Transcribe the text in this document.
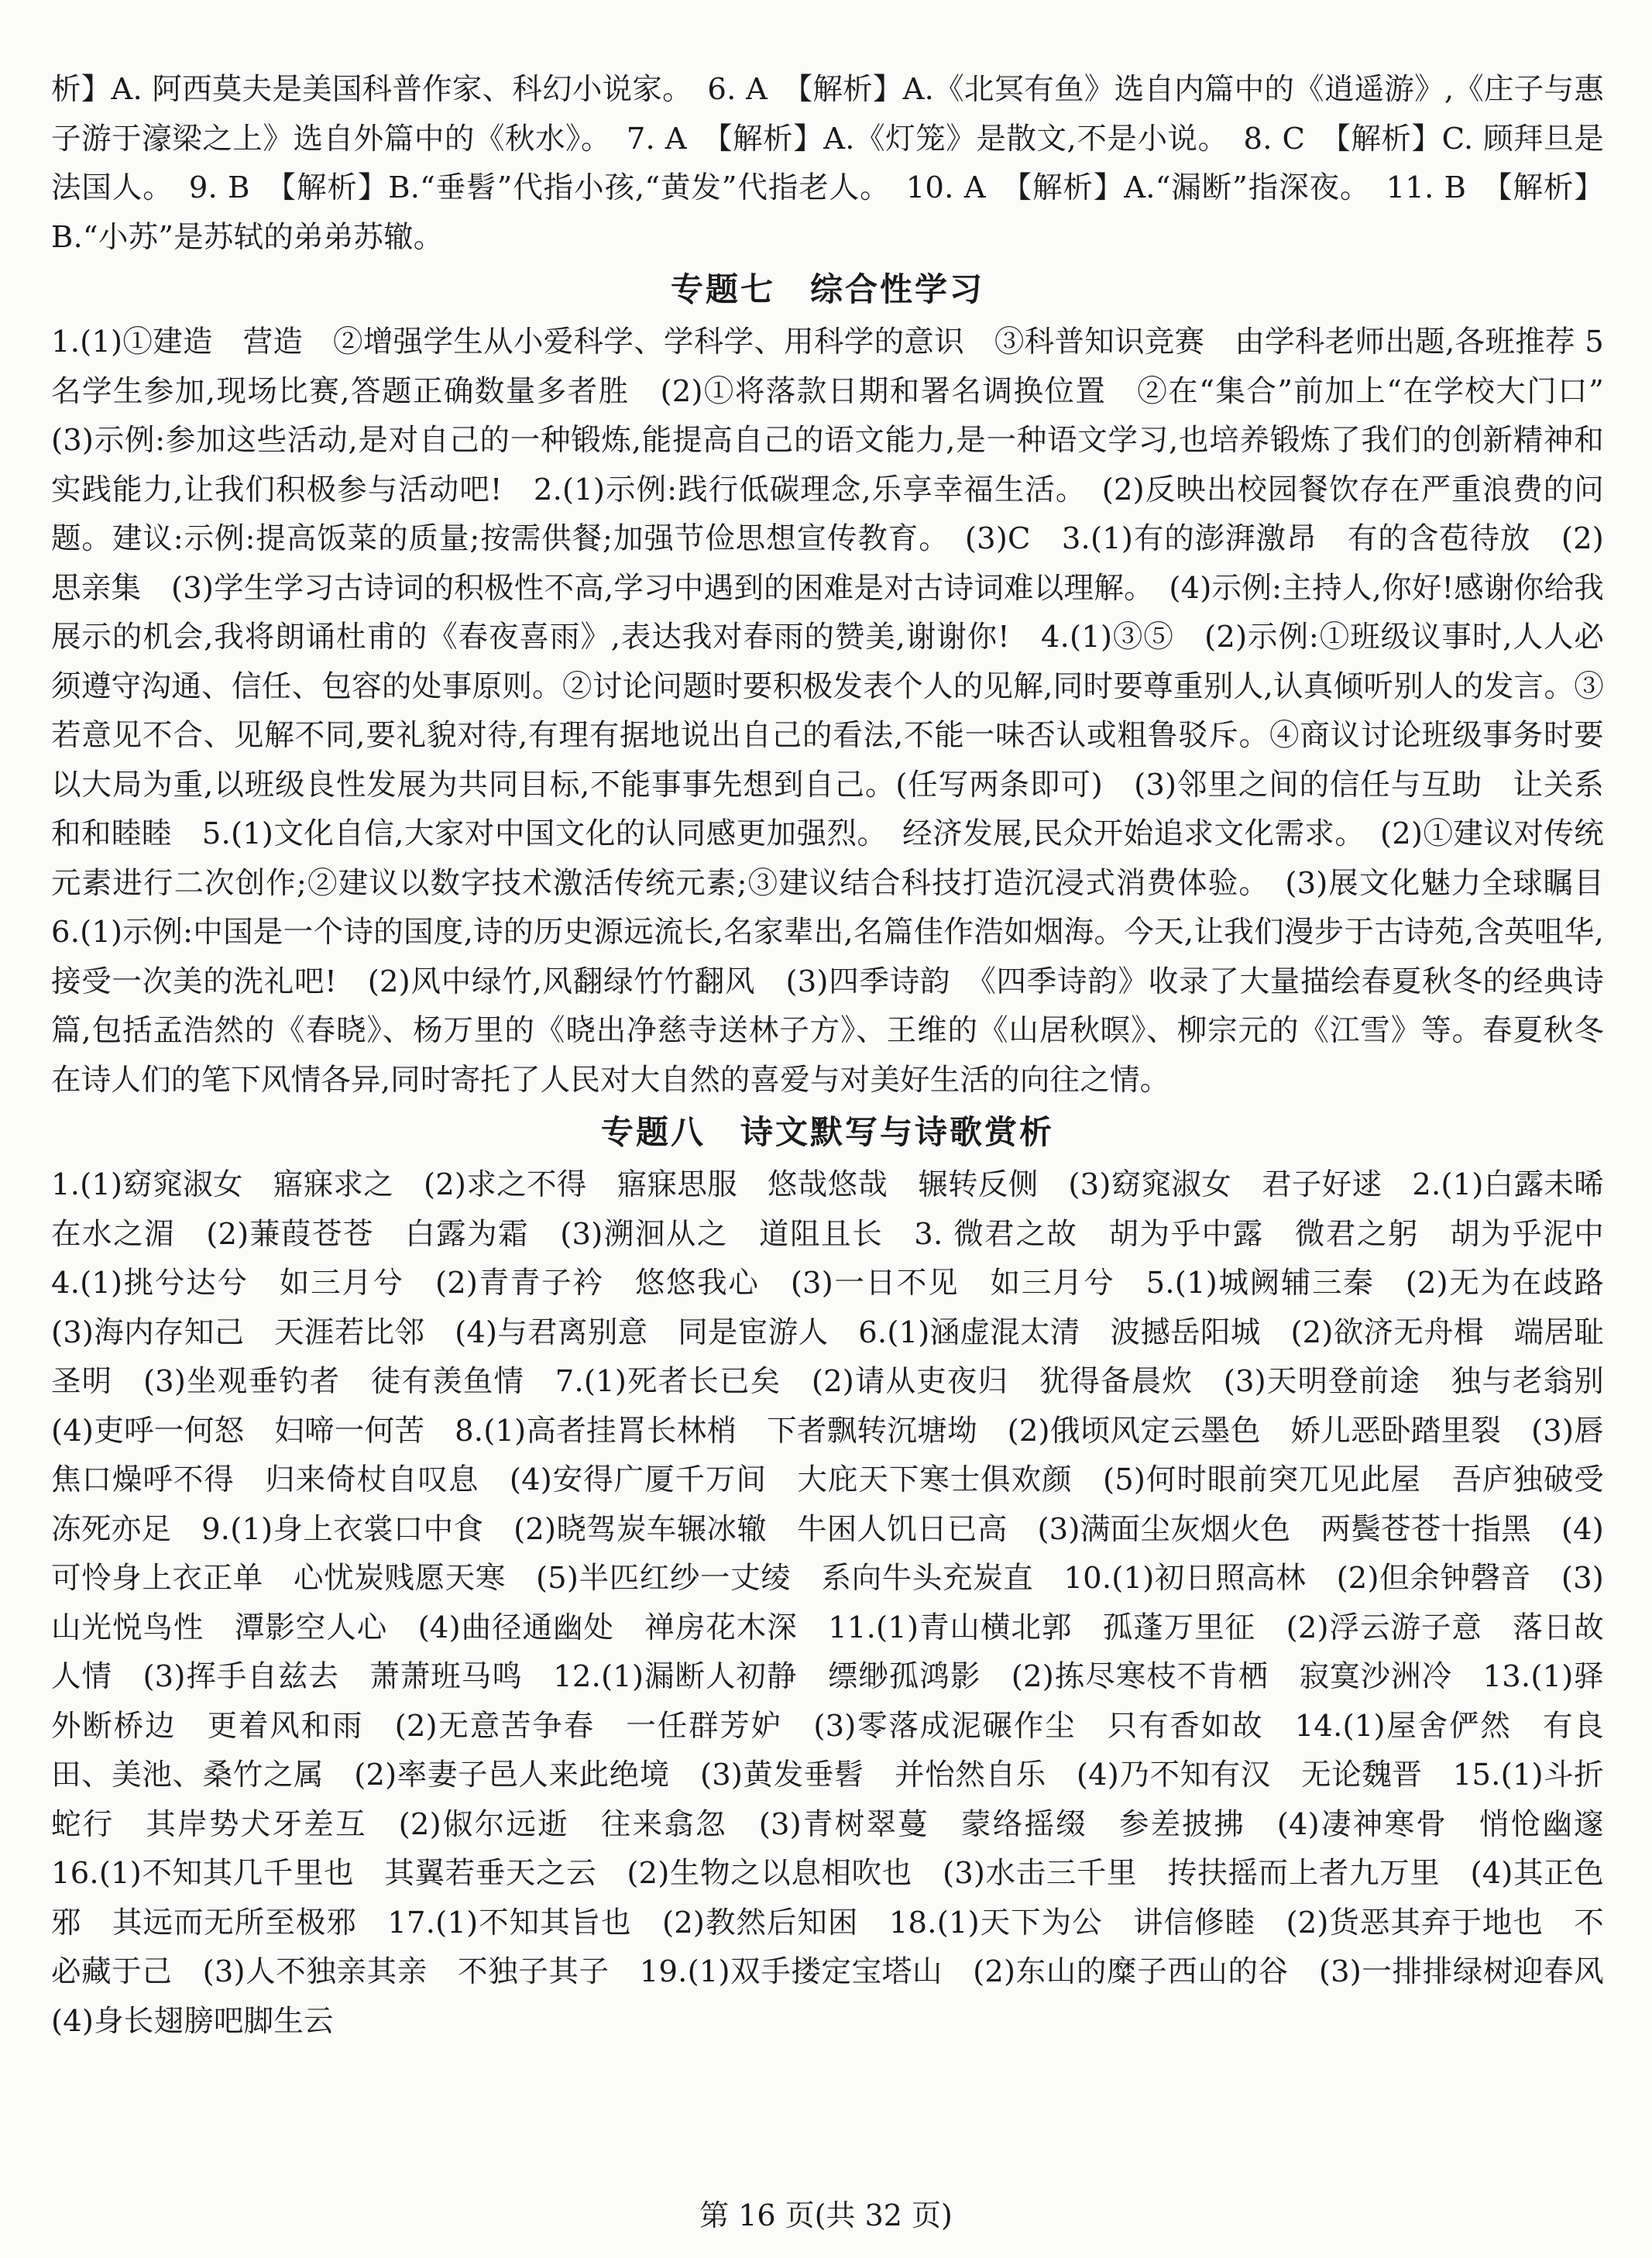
析】A. 阿西莫夫是美国科普作家、科幻小说家。　6. A　【解析】A.《北冥有鱼》选自内篇中的《逍遥游》,《庄子与惠子游于濠梁之上》选自外篇中的《秋水》。　7. A　【解析】A.《灯笼》是散文,不是小说。　8. C　【解析】C. 顾拜旦是法国人。　9. B　【解析】B.“垂髫”代指小孩,“黄发”代指老人。　10. A　【解析】A.“漏断”指深夜。　11. B　【解析】B.“小苏”是苏轼的弟弟苏辙。

专题七　综合性学习

1.(1)①建造　营造　②增强学生从小爱科学、学科学、用科学的意识　③科普知识竞赛　由学科老师出题,各班推荐 5 名学生参加,现场比赛,答题正确数量多者胜　(2)①将落款日期和署名调换位置　②在“集合”前加上“在学校大门口”　(3)示例:参加这些活动,是对自己的一种锻炼,能提高自己的语文能力,是一种语文学习,也培养锻炼了我们的创新精神和实践能力,让我们积极参与活动吧!　2.(1)示例:践行低碳理念,乐享幸福生活。　(2)反映出校园餐饮存在严重浪费的问题。建议:示例:提高饭菜的质量;按需供餐;加强节俭思想宣传教育。　(3)C　3.(1)有的澎湃激昂　有的含苞待放　(2)思亲集　(3)学生学习古诗词的积极性不高,学习中遇到的困难是对古诗词难以理解。　(4)示例:主持人,你好!感谢你给我展示的机会,我将朗诵杜甫的《春夜喜雨》,表达我对春雨的赞美,谢谢你!　4.(1)③⑤　(2)示例:①班级议事时,人人必须遵守沟通、信任、包容的处事原则。②讨论问题时要积极发表个人的见解,同时要尊重别人,认真倾听别人的发言。③若意见不合、见解不同,要礼貌对待,有理有据地说出自己的看法,不能一味否认或粗鲁驳斥。④商议讨论班级事务时要以大局为重,以班级良性发展为共同目标,不能事事先想到自己。(任写两条即可)　(3)邻里之间的信任与互助　让关系和和睦睦　5.(1)文化自信,大家对中国文化的认同感更加强烈。　经济发展,民众开始追求文化需求。　(2)①建议对传统元素进行二次创作;②建议以数字技术激活传统元素;③建议结合科技打造沉浸式消费体验。　(3)展文化魅力全球瞩目　6.(1)示例:中国是一个诗的国度,诗的历史源远流长,名家辈出,名篇佳作浩如烟海。今天,让我们漫步于古诗苑,含英咀华,接受一次美的洗礼吧!　(2)风中绿竹,风翻绿竹竹翻风　(3)四季诗韵　《四季诗韵》收录了大量描绘春夏秋冬的经典诗篇,包括孟浩然的《春晓》、杨万里的《晓出净慈寺送林子方》、王维的《山居秋暝》、柳宗元的《江雪》等。春夏秋冬在诗人们的笔下风情各异,同时寄托了人民对大自然的喜爱与对美好生活的向往之情。

专题八　诗文默写与诗歌赏析

1.(1)窈窕淑女　寤寐求之　(2)求之不得　寤寐思服　悠哉悠哉　辗转反侧　(3)窈窕淑女　君子好逑　2.(1)白露未晞　在水之湄　(2)蒹葭苍苍　白露为霜　(3)溯洄从之　道阻且长　3. 微君之故　胡为乎中露　微君之躬　胡为乎泥中　4.(1)挑兮达兮　如三月兮　(2)青青子衿　悠悠我心　(3)一日不见　如三月兮　5.(1)城阙辅三秦　(2)无为在歧路　(3)海内存知己　天涯若比邻　(4)与君离别意　同是宦游人　6.(1)涵虚混太清　波撼岳阳城　(2)欲济无舟楫　端居耻圣明　(3)坐观垂钓者　徒有羡鱼情　7.(1)死者长已矣　(2)请从吏夜归　犹得备晨炊　(3)天明登前途　独与老翁别　(4)吏呼一何怒　妇啼一何苦　8.(1)高者挂罥长林梢　下者飘转沉塘坳　(2)俄顷风定云墨色　娇儿恶卧踏里裂　(3)唇焦口燥呼不得　归来倚杖自叹息　(4)安得广厦千万间　大庇天下寒士俱欢颜　(5)何时眼前突兀见此屋　吾庐独破受冻死亦足　9.(1)身上衣裳口中食　(2)晓驾炭车辗冰辙　牛困人饥日已高　(3)满面尘灰烟火色　两鬓苍苍十指黑　(4)可怜身上衣正单　心忧炭贱愿天寒　(5)半匹红纱一丈绫　系向牛头充炭直　10.(1)初日照高林　(2)但余钟磬音　(3)山光悦鸟性　潭影空人心　(4)曲径通幽处　禅房花木深　11.(1)青山横北郭　孤蓬万里征　(2)浮云游子意　落日故人情　(3)挥手自兹去　萧萧班马鸣　12.(1)漏断人初静　缥缈孤鸿影　(2)拣尽寒枝不肯栖　寂寞沙洲冷　13.(1)驿外断桥边　更着风和雨　(2)无意苦争春　一任群芳妒　(3)零落成泥碾作尘　只有香如故　14.(1)屋舍俨然　有良田、美池、桑竹之属　(2)率妻子邑人来此绝境　(3)黄发垂髫　并怡然自乐　(4)乃不知有汉　无论魏晋　15.(1)斗折蛇行　其岸势犬牙差互　(2)俶尔远逝　往来翕忽　(3)青树翠蔓　蒙络摇缀　参差披拂　(4)凄神寒骨　悄怆幽邃　16.(1)不知其几千里也　其翼若垂天之云　(2)生物之以息相吹也　(3)水击三千里　抟扶摇而上者九万里　(4)其正色邪　其远而无所至极邪　17.(1)不知其旨也　(2)教然后知困　18.(1)天下为公　讲信修睦　(2)货恶其弃于地也　不必藏于己　(3)人不独亲其亲　不独子其子　19.(1)双手搂定宝塔山　(2)东山的糜子西山的谷　(3)一排排绿树迎春风　(4)身长翅膀吧脚生云

第 16 页(共 32 页)
